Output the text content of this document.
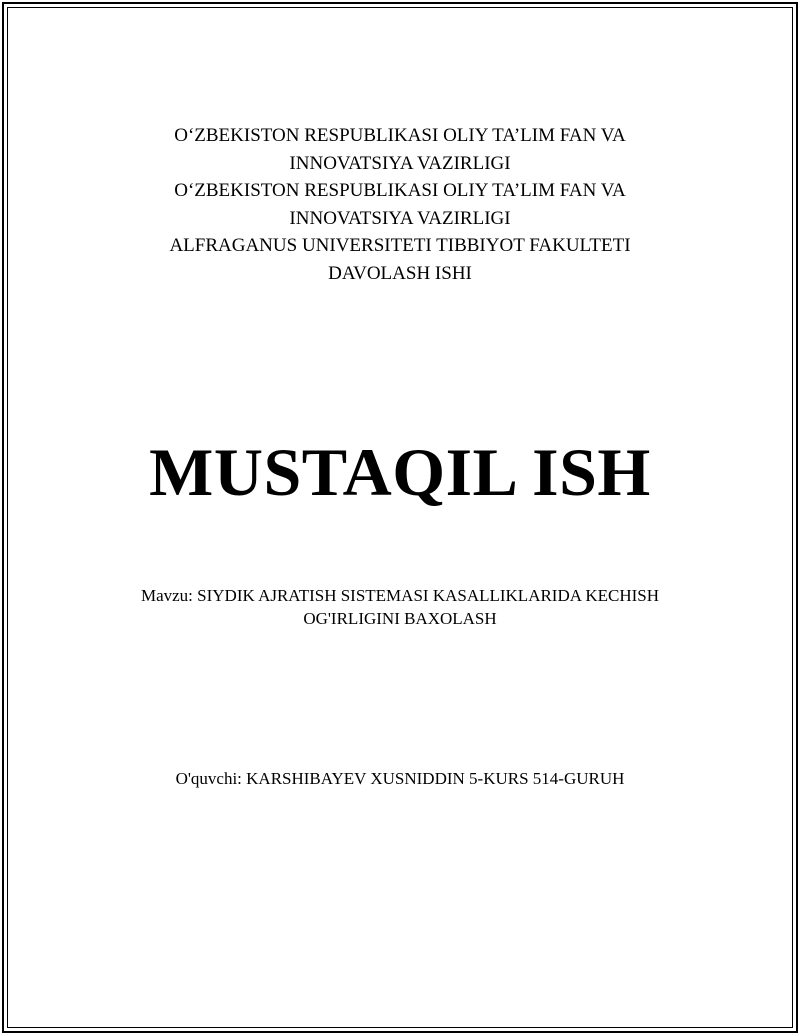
O‘ZBEKISTON RESPUBLIKASI OLIY TA’LIM FAN VA
INNOVATSIYA VAZIRLIGI
O‘ZBEKISTON RESPUBLIKASI OLIY TA’LIM FAN VA
INNOVATSIYA VAZIRLIGI
ALFRAGANUS UNIVERSITETI TIBBIYOT FAKULTETI
DAVOLASH ISHI
MUSTAQIL ISH
Mavzu: SIYDIK AJRATISH SISTEMASI KASALLIKLARIDA KECHISH
OG'IRLIGINI BAXOLASH
O'quvchi: KARSHIBAYEV XUSNIDDIN 5-KURS 514-GURUH
